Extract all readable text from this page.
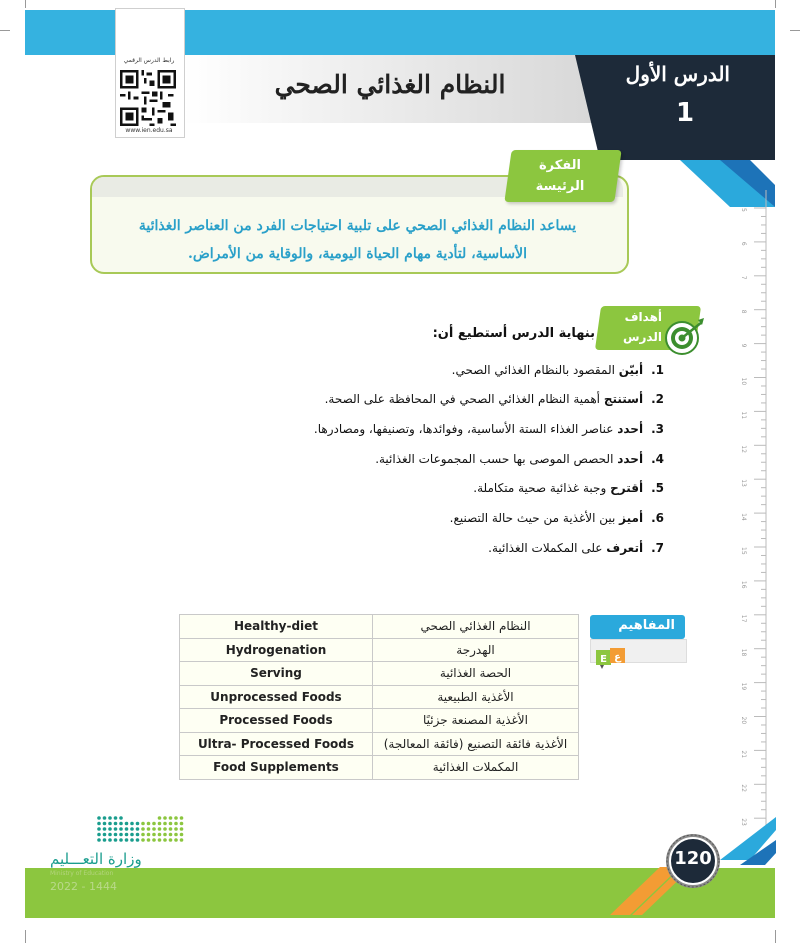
النظام الغذائي الصحي	الدرس الأول
1
رابط الدرس الرقمي
www.ien.edu.sa
الفكرة
الرئيسة
يساعد النظام الغذائي الصحي على تلبية احتياجات الفرد من العناصر الغذائية
الأساسية، لتأدية مهام الحياة اليومية، والوقاية من الأمراض.
أهداف
الدرس
بنهاية الدرس أستطيع أن:
1.أبيّن المقصود بالنظام الغذائي الصحي.
2.أستنتج أهمية النظام الغذائي الصحي في المحافظة على الصحة.
3.أحدد عناصر الغذاء الستة الأساسية، وفوائدها، وتصنيفها، ومصادرها.
4.أحدد الحصص الموصى بها حسب المجموعات الغذائية.
5.أقترح وجبة غذائية صحية متكاملة.
6.أميز بين الأغذية من حيث حالة التصنيع.
7.أتعرف على المكملات الغذائية.
المفاهيم
E ع
Healthy-diet	النظام الغذائي الصحي
Hydrogenation	الهدرجة
Serving	الحصة الغذائية
Unprocessed Foods	الأغذية الطبيعية
Processed Foods	الأغذية المصنعة جزئيًا
Ultra- Processed Foods	الأغذية فائقة التصنيع (فائقة المعالجة)
Food Supplements	المكملات الغذائية
5
6
7
8
9
10
11
12
13
14
15
16
17
18
19
20
21
22
23
120
وزارة التعـــليم
Ministry of Education
2022 - 1444
